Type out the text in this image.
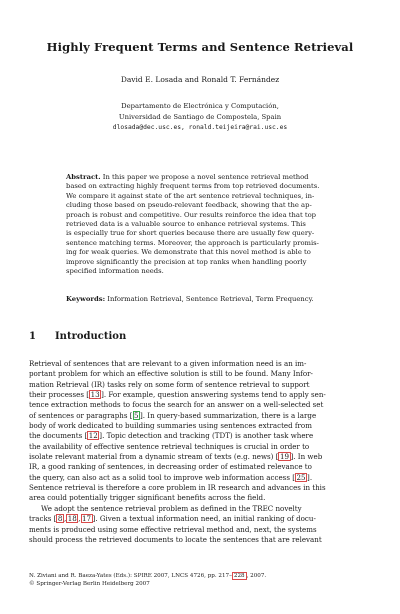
Highly Frequent Terms and Sentence Retrieval
David E. Losada and Ronald T. Fernández
Departamento de Electrónica y Computación,
Universidad de Santiago de Compostela, Spain
dlosada@dec.usc.es, ronald.teijeira@rai.usc.es
Abstract. In this paper we propose a novel sentence retrieval method
based on extracting highly frequent terms from top retrieved documents.
We compare it against state of the art sentence retrieval techniques, in-
cluding those based on pseudo-relevant feedback, showing that the ap-
proach is robust and competitive. Our results reinforce the idea that top
retrieved data is a valuable source to enhance retrieval systems. This
is especially true for short queries because there are usually few query-
sentence matching terms. Moreover, the approach is particularly promis-
ing for weak queries. We demonstrate that this novel method is able to
improve significantly the precision at top ranks when handling poorly
specified information needs.
Keywords: Information Retrieval, Sentence Retrieval, Term Frequency.
1 Introduction
Retrieval of sentences that are relevant to a given information need is an im-
portant problem for which an effective solution is still to be found. Many Infor-
mation Retrieval (IR) tasks rely on some form of sentence retrieval to support
their processes [ 13 ]. For example, question answering systems tend to apply sen-
tence extraction methods to focus the search for an answer on a well-selected set
of sentences or paragraphs [ 5 ]. In query-based summarization, there is a large
body of work dedicated to building summaries using sentences extracted from
the documents [ 12 ]. Topic detection and tracking (TDT) is another task where
the availability of effective sentence retrieval techniques is crucial in order to
isolate relevant material from a dynamic stream of texts (e.g. news) [ 19 ]. In web
IR, a good ranking of sentences, in decreasing order of estimated relevance to
the query, can also act as a solid tool to improve web information access [ 25 ].
Sentence retrieval is therefore a core problem in IR research and advances in this
area could potentially trigger significant benefits across the field.
We adopt the sentence retrieval problem as defined in the TREC novelty
tracks [ 8 , 18 , 17 ]. Given a textual information need, an initial ranking of docu-
ments is produced using some effective retrieval method and, next, the systems
should process the retrieved documents to locate the sentences that are relevant
N. Ziviani and R. Baeza-Yates (Eds.): SPIRE 2007, LNCS 4726, pp. 217– 228 , 2007.
© Springer-Verlag Berlin Heidelberg 2007
